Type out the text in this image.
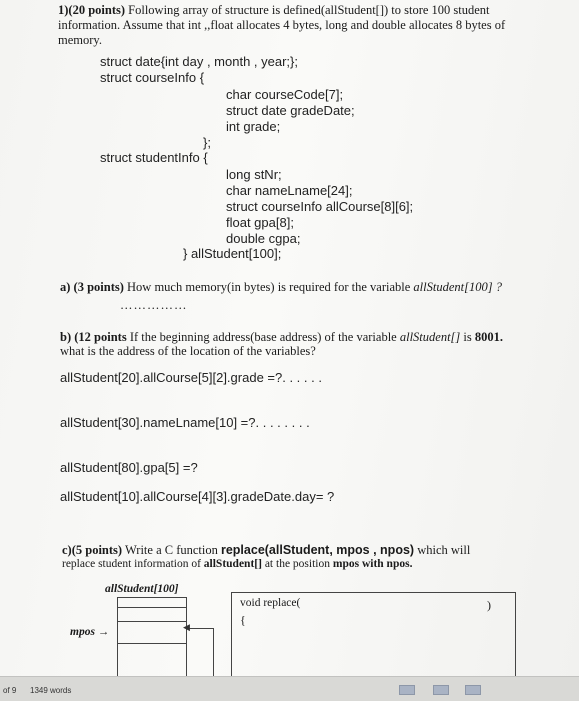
1)(20 points) Following array of structure is defined(allStudent[]) to store 100 student
information. Assume that int ,,float allocates 4 bytes, long and double allocates 8 bytes of
memory.
struct date{int day , month , year;};
struct courseInfo {
char courseCode[7];
struct date gradeDate;
int grade;
};
struct studentInfo {
long stNr;
char nameLname[24];
struct courseInfo allCourse[8][6];
float gpa[8];
double cgpa;
} allStudent[100];
a) (3 points) How much memory(in bytes) is required for the variable allStudent[100] ?
……………
b) (12 points If the beginning address(base address) of the variable allStudent[] is 8001.
what is the address of the location of the variables?
allStudent[20].allCourse[5][2].grade =?. . . . . .
allStudent[30].nameLname[10] =?. . . . . . . .
allStudent[80].gpa[5] =?
allStudent[10].allCourse[4][3].gradeDate.day= ?
c)(5 points) Write a C function replace(allStudent, mpos , npos) which will
replace student information of allStudent[] at the position mpos with npos.
allStudent[100]
mpos →	◀
void replace(	)
{
of 9 1349 words
